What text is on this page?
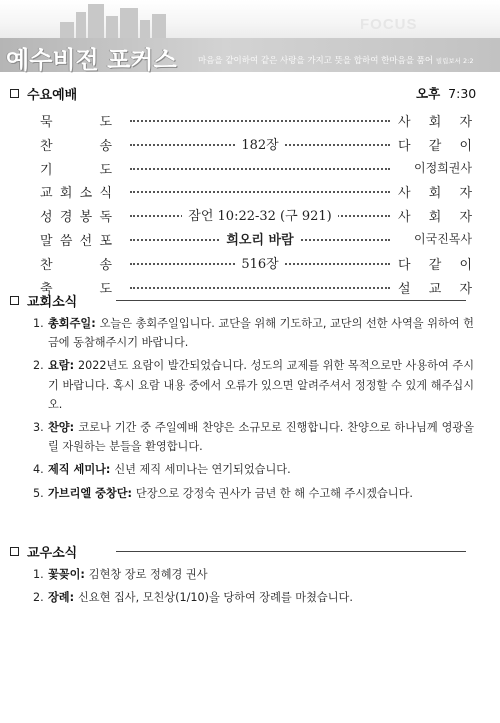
FOCUS
예수비전 포커스	마음을 같이하여 같은 사랑을 가지고 뜻을 합하여 한마음을 품어 빌립보서 2:2
수요예배	오후 7:30
묵	도	사 회 자
찬	송	182장	다 같 이
기	도	이정희권사
교 회 소 식	사 회 자
성 경 봉 독	잠언 10:22-32 (구 921)	사 회 자
말 씀 선 포	희오리 바람	이국진목사
찬	송	516장	다 같 이
축	도	설 교 자
교회소식
1. 총회주일: 오늘은 총회주일입니다. 교단을 위해 기도하고, 교단의 선한 사역을 위하여 헌금에 동참해주시기 바랍니다.
2. 요람: 2022년도 요람이 발간되었습니다. 성도의 교제를 위한 목적으로만 사용하여 주시기 바랍니다. 혹시 요람 내용 중에서 오류가 있으면 알려주셔서 정정할 수 있게 해주십시오.
3. 찬양: 코로나 기간 중 주일예배 찬양은 소규모로 진행합니다. 찬양으로 하나님께 영광올릴 자원하는 분들을 환영합니다.
4. 제직 세미나: 신년 제직 세미나는 연기되었습니다.
5. 가브리엘 중창단: 단장으로 강정숙 권사가 금년 한 해 수고해 주시겠습니다.
교우소식
1. 꽃꽂이: 김현창 장로 정혜경 권사
2. 장례: 신요현 집사, 모친상(1/10)을 당하여 장례를 마쳤습니다.
